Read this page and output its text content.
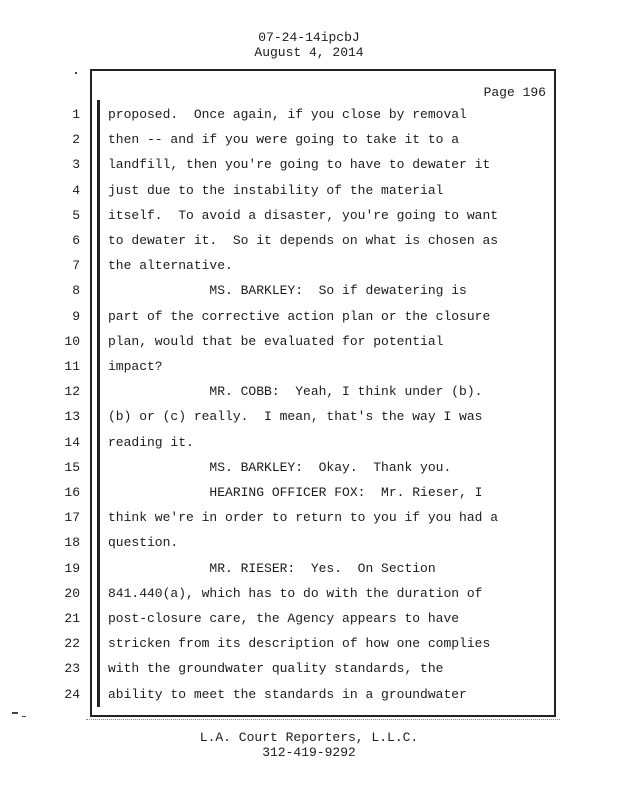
07-24-14ipcbJ
August 4, 2014
Page 196
1 proposed.  Once again, if you close by removal
2 then -- and if you were going to take it to a
3 landfill, then you're going to have to dewater it
4 just due to the instability of the material
5 itself.  To avoid a disaster, you're going to want
6 to dewater it.  So it depends on what is chosen as
7 the alternative.
8 MS. BARKLEY:  So if dewatering is
9 part of the corrective action plan or the closure
10 plan, would that be evaluated for potential
11 impact?
12 MR. COBB:  Yeah, I think under (b).
13 (b) or (c) really.  I mean, that's the way I was
14 reading it.
15 MS. BARKLEY:  Okay.  Thank you.
16 HEARING OFFICER FOX:  Mr. Rieser, I
17 think we're in order to return to you if you had a
18 question.
19 MR. RIESER:  Yes.  On Section
20 841.440(a), which has to do with the duration of
21 post-closure care, the Agency appears to have
22 stricken from its description of how one complies
23 with the groundwater quality standards, the
24 ability to meet the standards in a groundwater
L.A. Court Reporters, L.L.C.
312-419-9292
